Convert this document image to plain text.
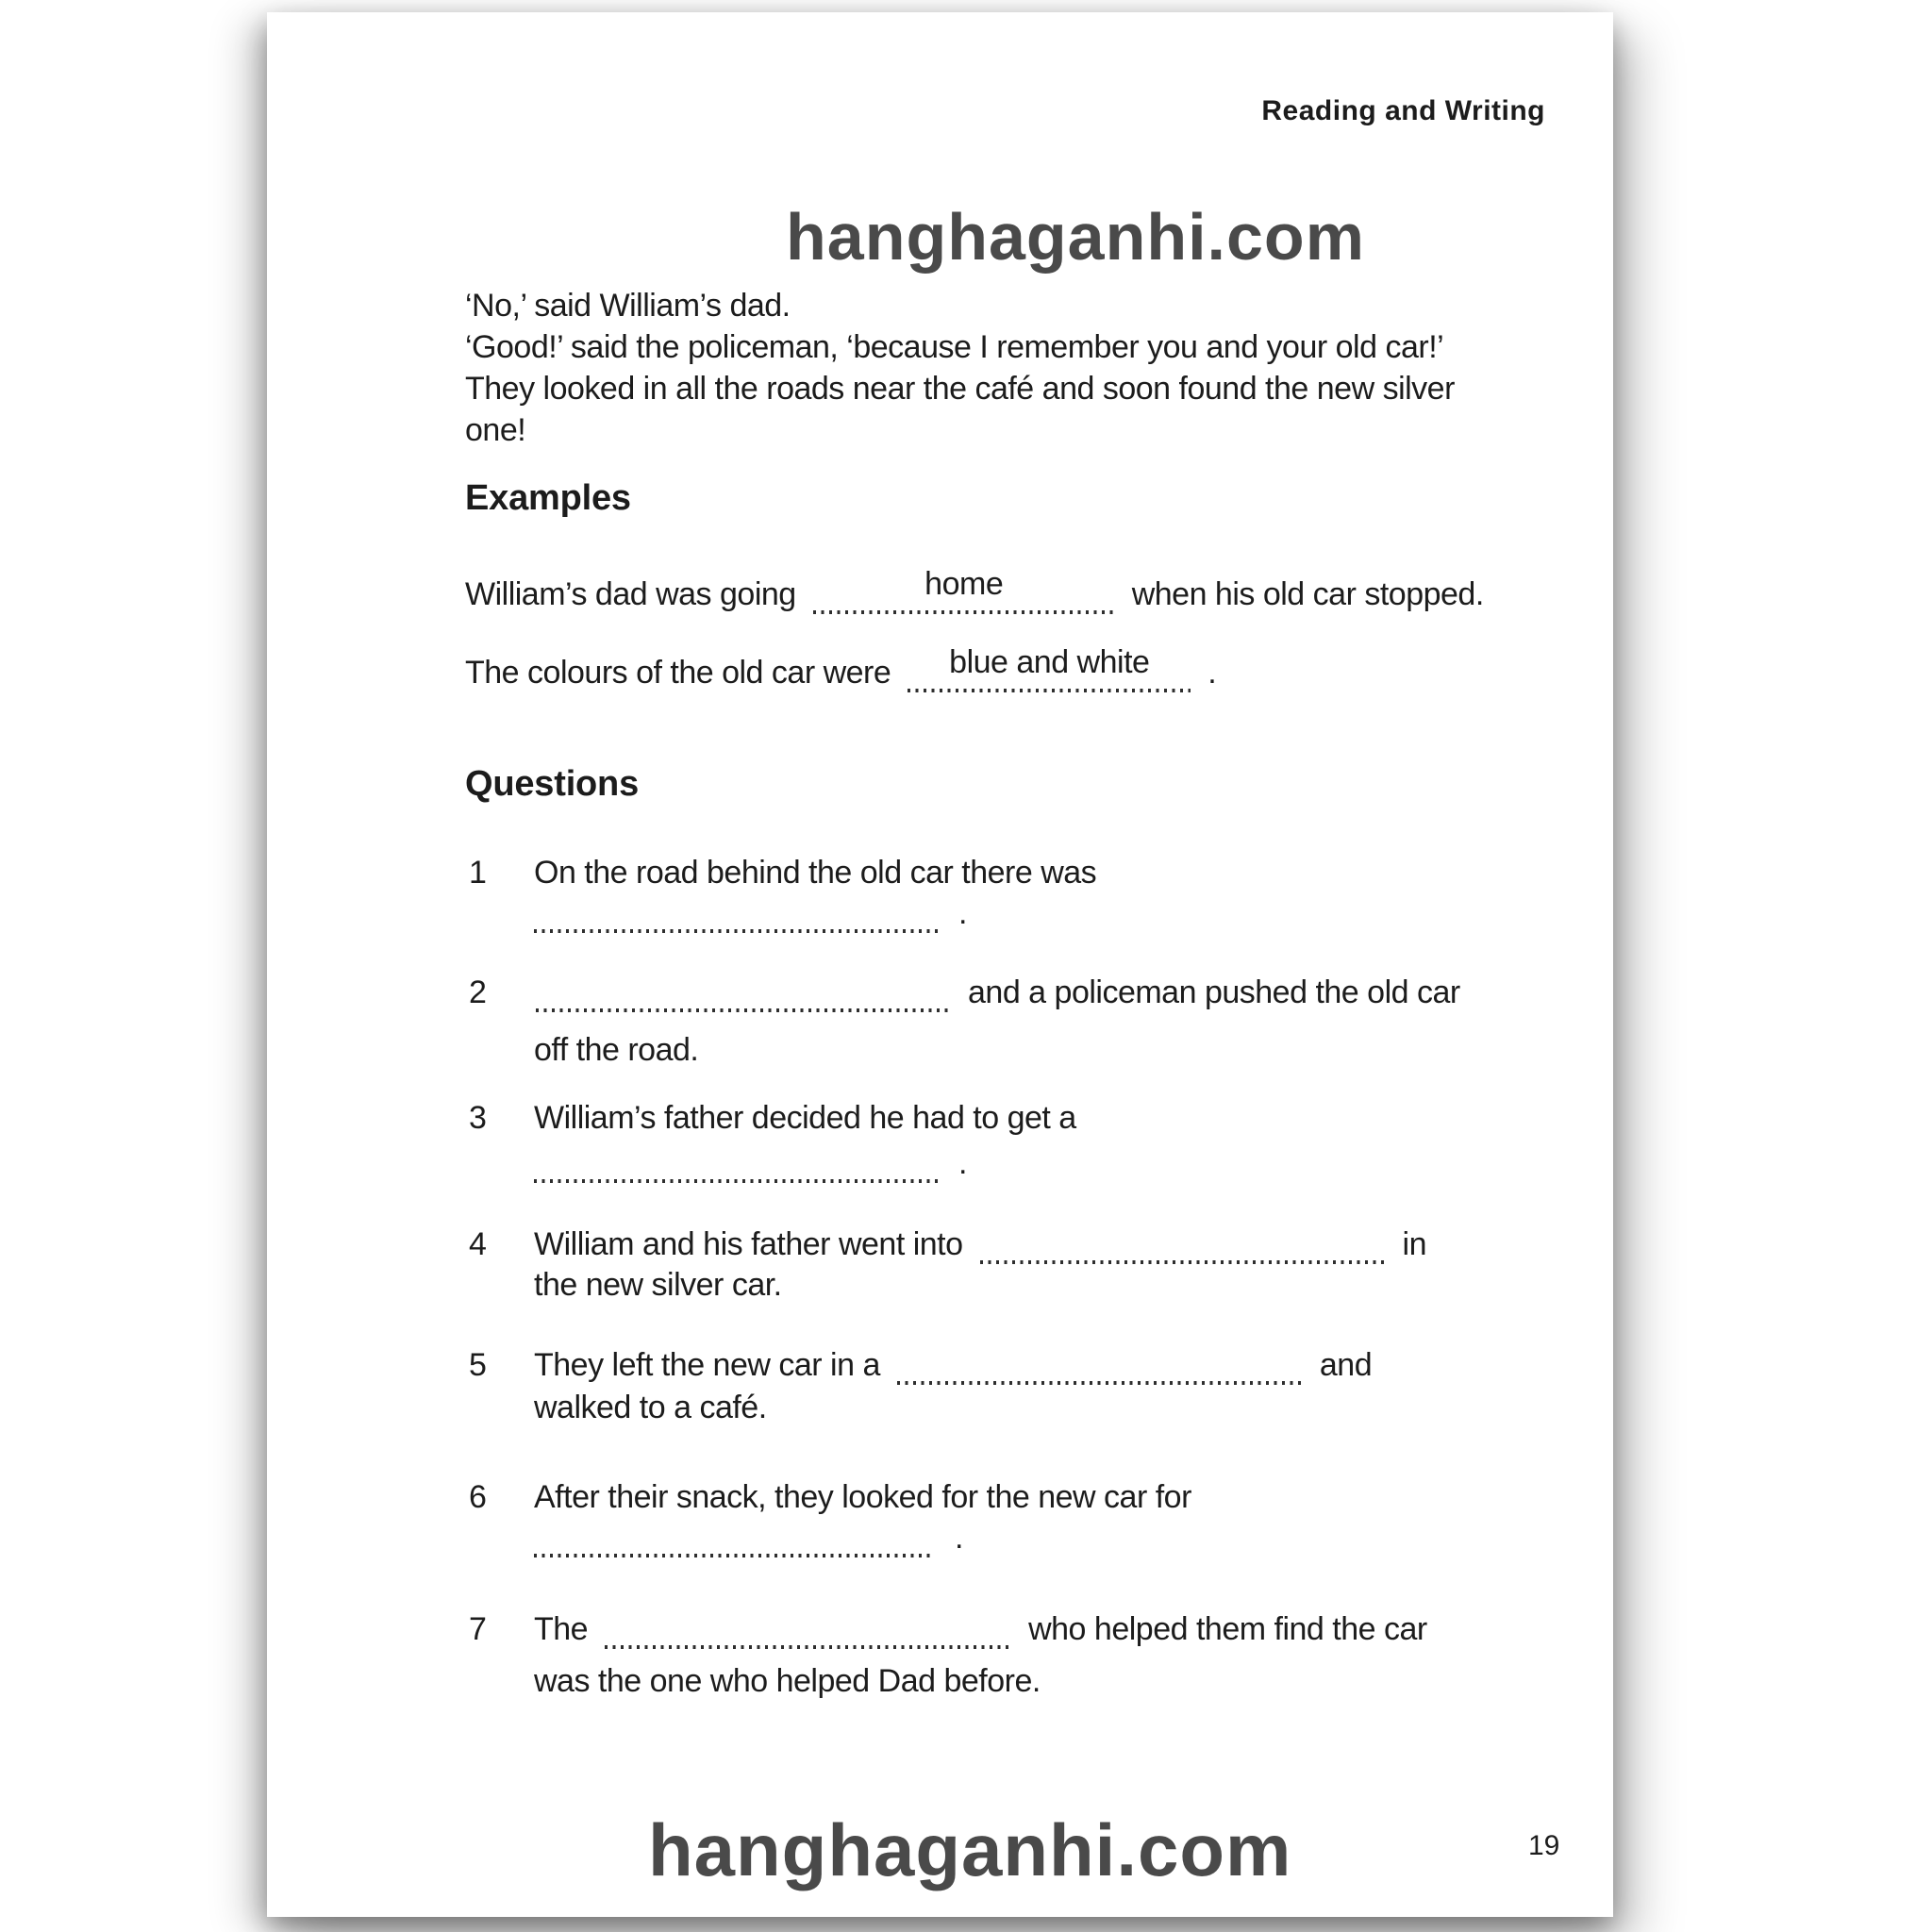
Reading and Writing
hanghaganhi.com
‘No,’ said William’s dad.
‘Good!’ said the policeman, ‘because I remember you and your old car!’
They looked in all the roads near the café and soon found the new silver
one!
Examples
William’s dad was going	home	when his old car stopped.
The colours of the old car were	blue and white	.
Questions
1 On the road behind the old car there was
.
2	and a policeman pushed the old car
off the road.
3 William’s father decided he had to get a
.
4 William and his father went into	in
the new silver car.
5 They left the new car in a	and
walked to a café.
6 After their snack, they looked for the new car for
.
7 The	who helped them find the car
was the one who helped Dad before.
hanghaganhi.com	19
